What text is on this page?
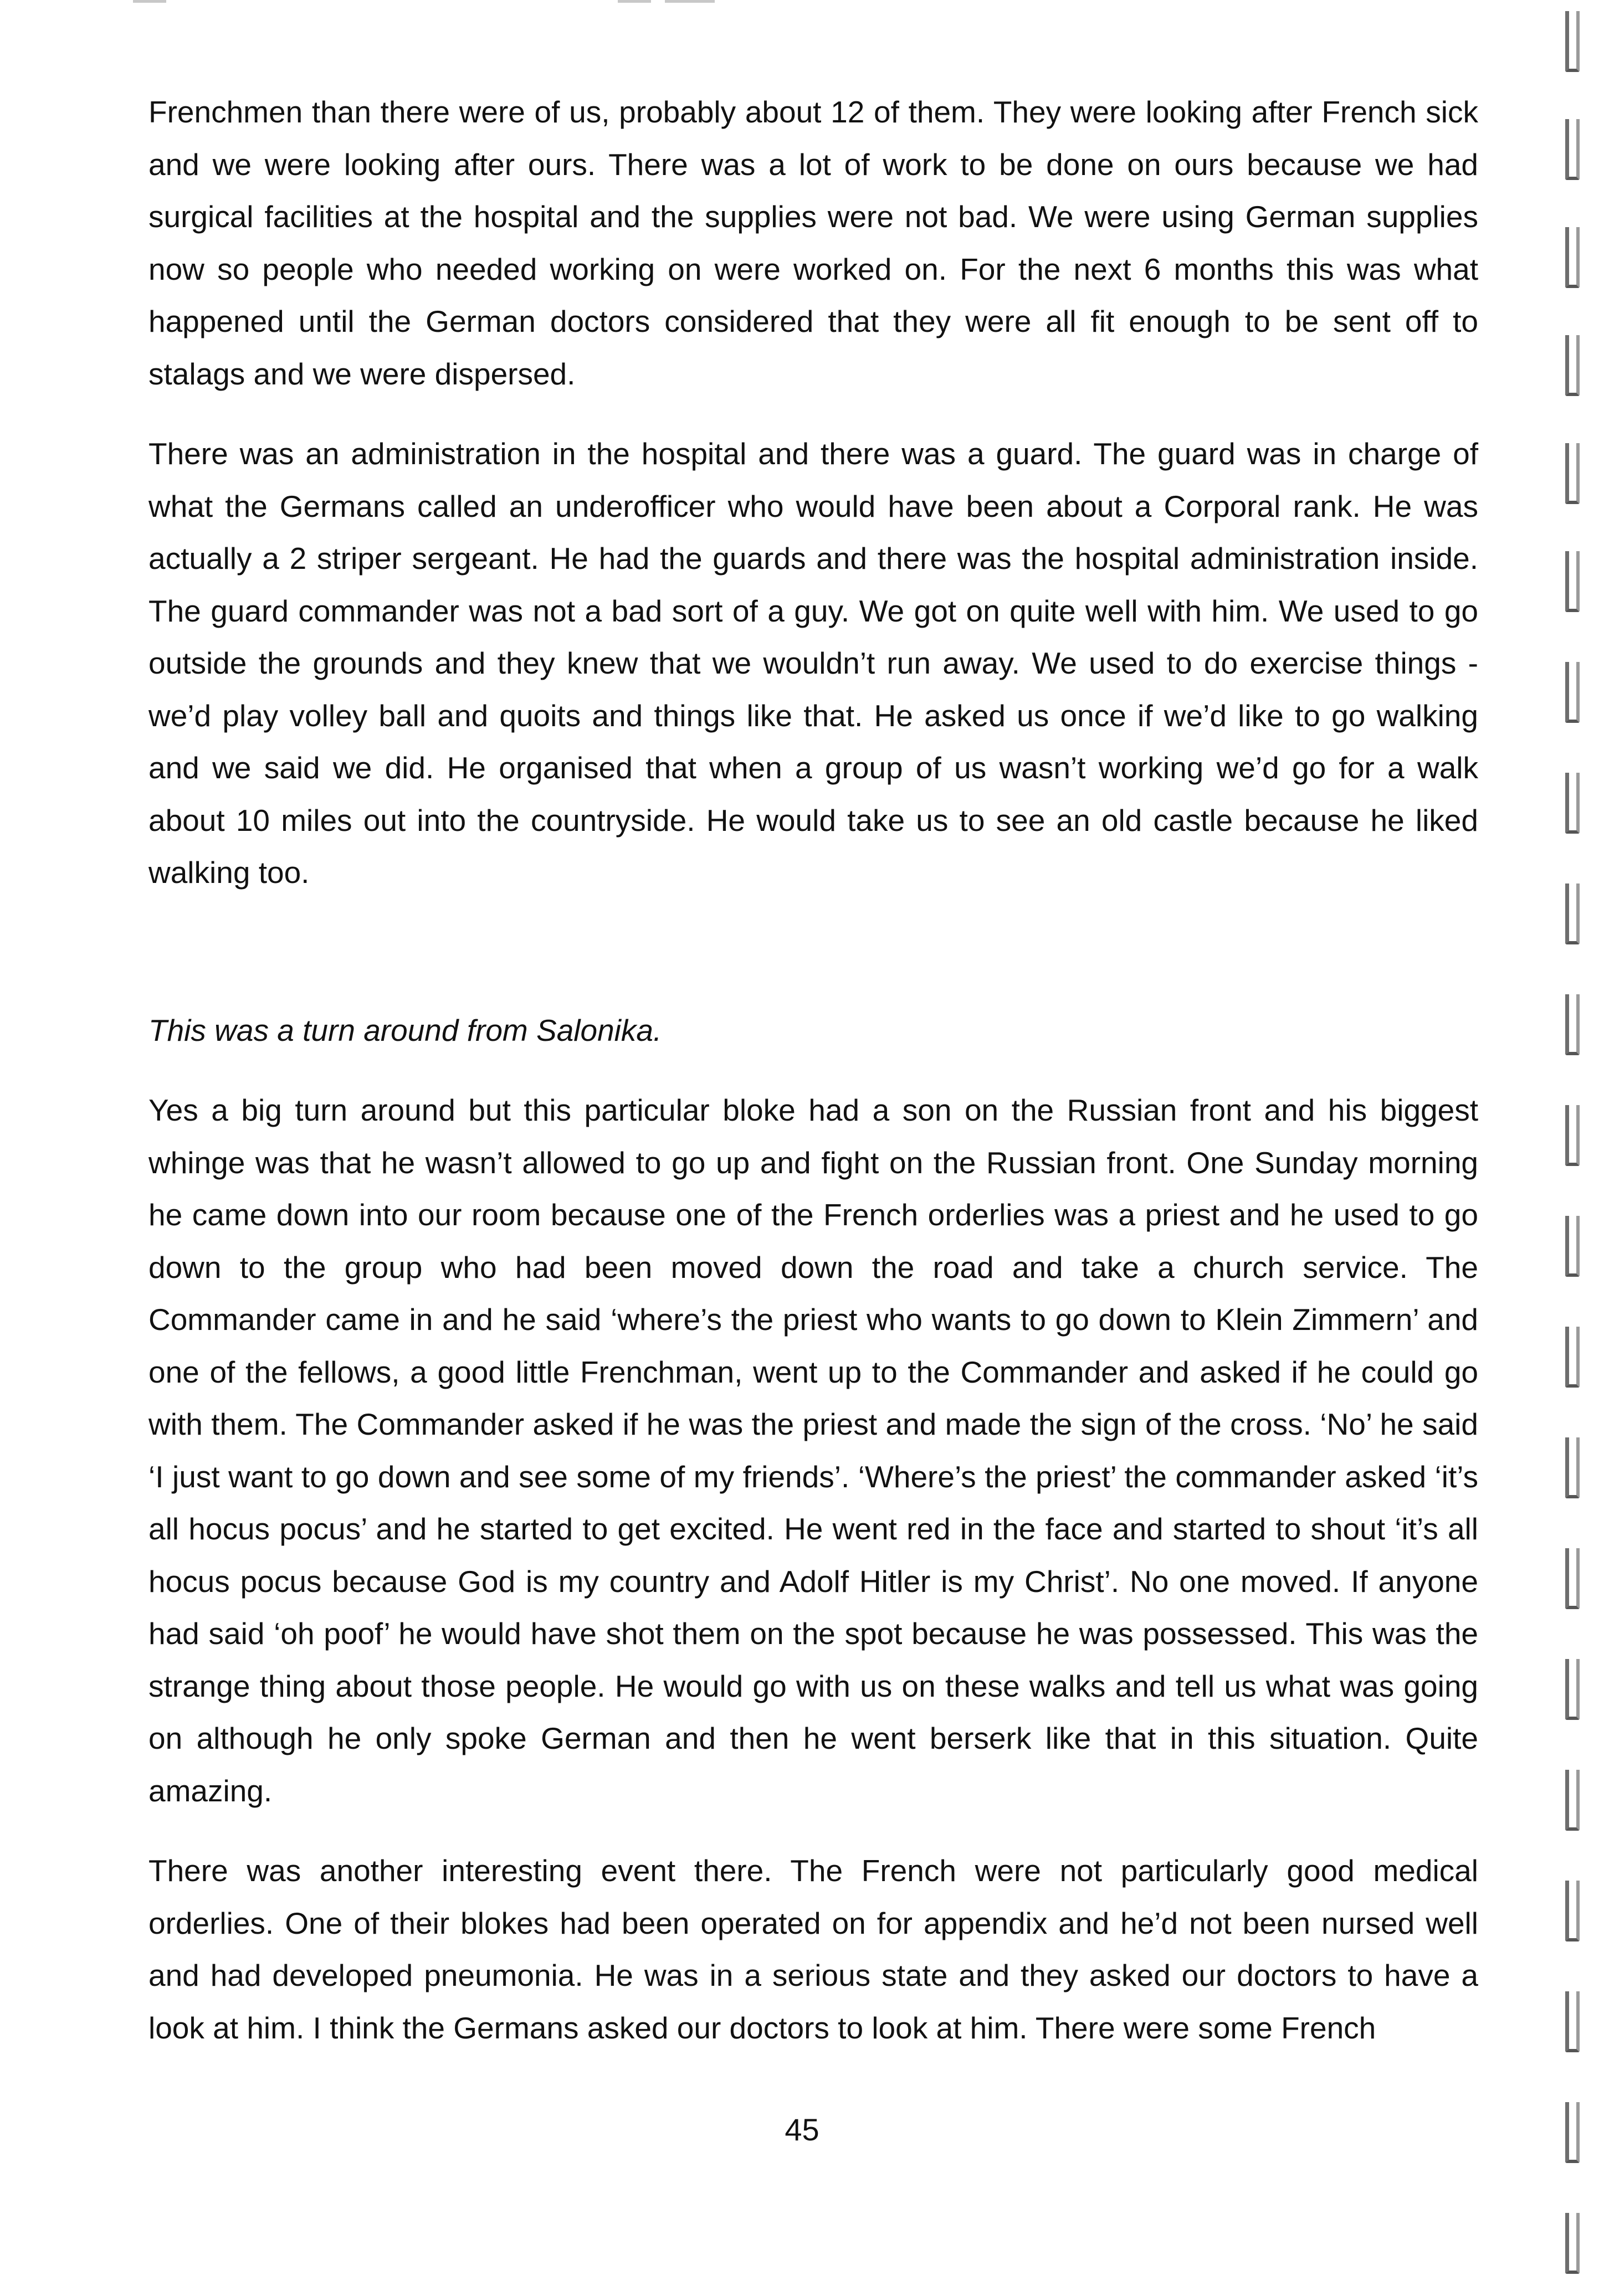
Frenchmen than there were of us, probably about 12 of them. They were looking after French sick and we were looking after ours. There was a lot of work to be done on ours because we had surgical facilities at the hospital and the supplies were not bad. We were using German supplies now so people who needed working on were worked on. For the next 6 months this was what happened until the German doctors considered that they were all fit enough to be sent off to stalags and we were dispersed.

There was an administration in the hospital and there was a guard. The guard was in charge of what the Germans called an underofficer who would have been about a Corporal rank. He was actually a 2 striper sergeant. He had the guards and there was the hospital administration inside. The guard commander was not a bad sort of a guy. We got on quite well with him. We used to go outside the grounds and they knew that we wouldn’t run away. We used to do exercise things - we’d play volley ball and quoits and things like that. He asked us once if we’d like to go walking and we said we did. He organised that when a group of us wasn’t working we’d go for a walk about 10 miles out into the countryside. He would take us to see an old castle because he liked walking too.

This was a turn around from Salonika.

Yes a big turn around but this particular bloke had a son on the Russian front and his biggest whinge was that he wasn’t allowed to go up and fight on the Russian front. One Sunday morning he came down into our room because one of the French orderlies was a priest and he used to go down to the group who had been moved down the road and take a church service. The Commander came in and he said ‘where’s the priest who wants to go down to Klein Zimmern’ and one of the fellows, a good little Frenchman, went up to the Commander and asked if he could go with them. The Commander asked if he was the priest and made the sign of the cross. ‘No’ he said ‘I just want to go down and see some of my friends’. ‘Where’s the priest’ the commander asked ‘it’s all hocus pocus’ and he started to get excited. He went red in the face and started to shout ‘it’s all hocus pocus because God is my country and Adolf Hitler is my Christ’. No one moved. If anyone had said ‘oh poof’ he would have shot them on the spot because he was possessed. This was the strange thing about those people. He would go with us on these walks and tell us what was going on although he only spoke German and then he went berserk like that in this situation. Quite amazing.

There was another interesting event there. The French were not particularly good medical orderlies. One of their blokes had been operated on for appendix and he’d not been nursed well and had developed pneumonia. He was in a serious state and they asked our doctors to have a look at him. I think the Germans asked our doctors to look at him. There were some French

45
